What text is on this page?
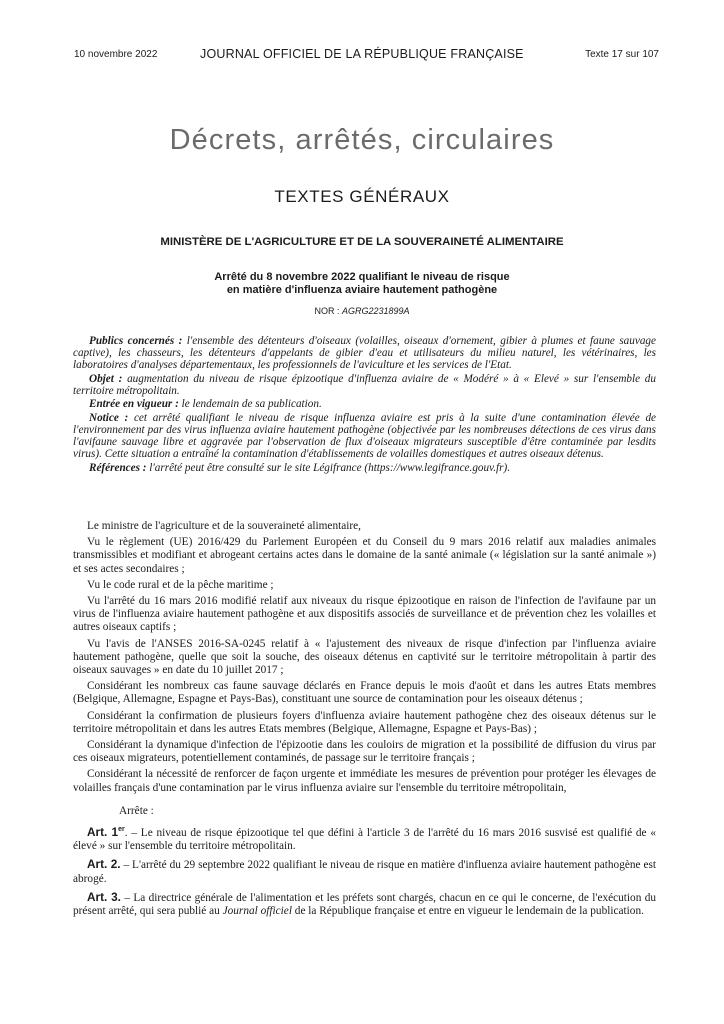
10 novembre 2022	JOURNAL OFFICIEL DE LA RÉPUBLIQUE FRANÇAISE	Texte 17 sur 107
Décrets, arrêtés, circulaires
TEXTES GÉNÉRAUX
MINISTÈRE DE L'AGRICULTURE ET DE LA SOUVERAINETÉ ALIMENTAIRE
Arrêté du 8 novembre 2022 qualifiant le niveau de risque
en matière d'influenza aviaire hautement pathogène
NOR : AGRG2231899A

Publics concernés : l'ensemble des détenteurs d'oiseaux (volailles, oiseaux d'ornement, gibier à plumes et faune sauvage captive), les chasseurs, les détenteurs d'appelants de gibier d'eau et utilisateurs du milieu naturel, les vétérinaires, les laboratoires d'analyses départementaux, les professionnels de l'aviculture et les services de l'Etat.

Objet : augmentation du niveau de risque épizootique d'influenza aviaire de « Modéré » à « Elevé » sur l'ensemble du territoire métropolitain.

Entrée en vigueur : le lendemain de sa publication.

Notice : cet arrêté qualifiant le niveau de risque influenza aviaire est pris à la suite d'une contamination élevée de l'environnement par des virus influenza aviaire hautement pathogène (objectivée par les nombreuses détections de ces virus dans l'avifaune sauvage libre et aggravée par l'observation de flux d'oiseaux migrateurs susceptible d'être contaminée par lesdits virus). Cette situation a entraîné la contamination d'établissements de volailles domestiques et autres oiseaux détenus.

Références : l'arrêté peut être consulté sur le site Légifrance (https://www.legifrance.gouv.fr).

Le ministre de l'agriculture et de la souveraineté alimentaire,

Vu le règlement (UE) 2016/429 du Parlement Européen et du Conseil du 9 mars 2016 relatif aux maladies animales transmissibles et modifiant et abrogeant certains actes dans le domaine de la santé animale (« législation sur la santé animale ») et ses actes secondaires ;

Vu le code rural et de la pêche maritime ;

Vu l'arrêté du 16 mars 2016 modifié relatif aux niveaux du risque épizootique en raison de l'infection de l'avifaune par un virus de l'influenza aviaire hautement pathogène et aux dispositifs associés de surveillance et de prévention chez les volailles et autres oiseaux captifs ;

Vu l'avis de l'ANSES 2016-SA-0245 relatif à « l'ajustement des niveaux de risque d'infection par l'influenza aviaire hautement pathogène, quelle que soit la souche, des oiseaux détenus en captivité sur le territoire métropolitain à partir des oiseaux sauvages » en date du 10 juillet 2017 ;

Considérant les nombreux cas faune sauvage déclarés en France depuis le mois d'août et dans les autres Etats membres (Belgique, Allemagne, Espagne et Pays-Bas), constituant une source de contamination pour les oiseaux détenus ;

Considérant la confirmation de plusieurs foyers d'influenza aviaire hautement pathogène chez des oiseaux détenus sur le territoire métropolitain et dans les autres Etats membres (Belgique, Allemagne, Espagne et Pays-Bas) ;

Considérant la dynamique d'infection de l'épizootie dans les couloirs de migration et la possibilité de diffusion du virus par ces oiseaux migrateurs, potentiellement contaminés, de passage sur le territoire français ;

Considérant la nécessité de renforcer de façon urgente et immédiate les mesures de prévention pour protéger les élevages de volailles français d'une contamination par le virus influenza aviaire sur l'ensemble du territoire métropolitain,

Arrête :

Art. 1er. – Le niveau de risque épizootique tel que défini à l'article 3 de l'arrêté du 16 mars 2016 susvisé est qualifié de « élevé » sur l'ensemble du territoire métropolitain.

Art. 2. – L'arrêté du 29 septembre 2022 qualifiant le niveau de risque en matière d'influenza aviaire hautement pathogène est abrogé.

Art. 3. – La directrice générale de l'alimentation et les préfets sont chargés, chacun en ce qui le concerne, de l'exécution du présent arrêté, qui sera publié au Journal officiel de la République française et entre en vigueur le lendemain de la publication.
